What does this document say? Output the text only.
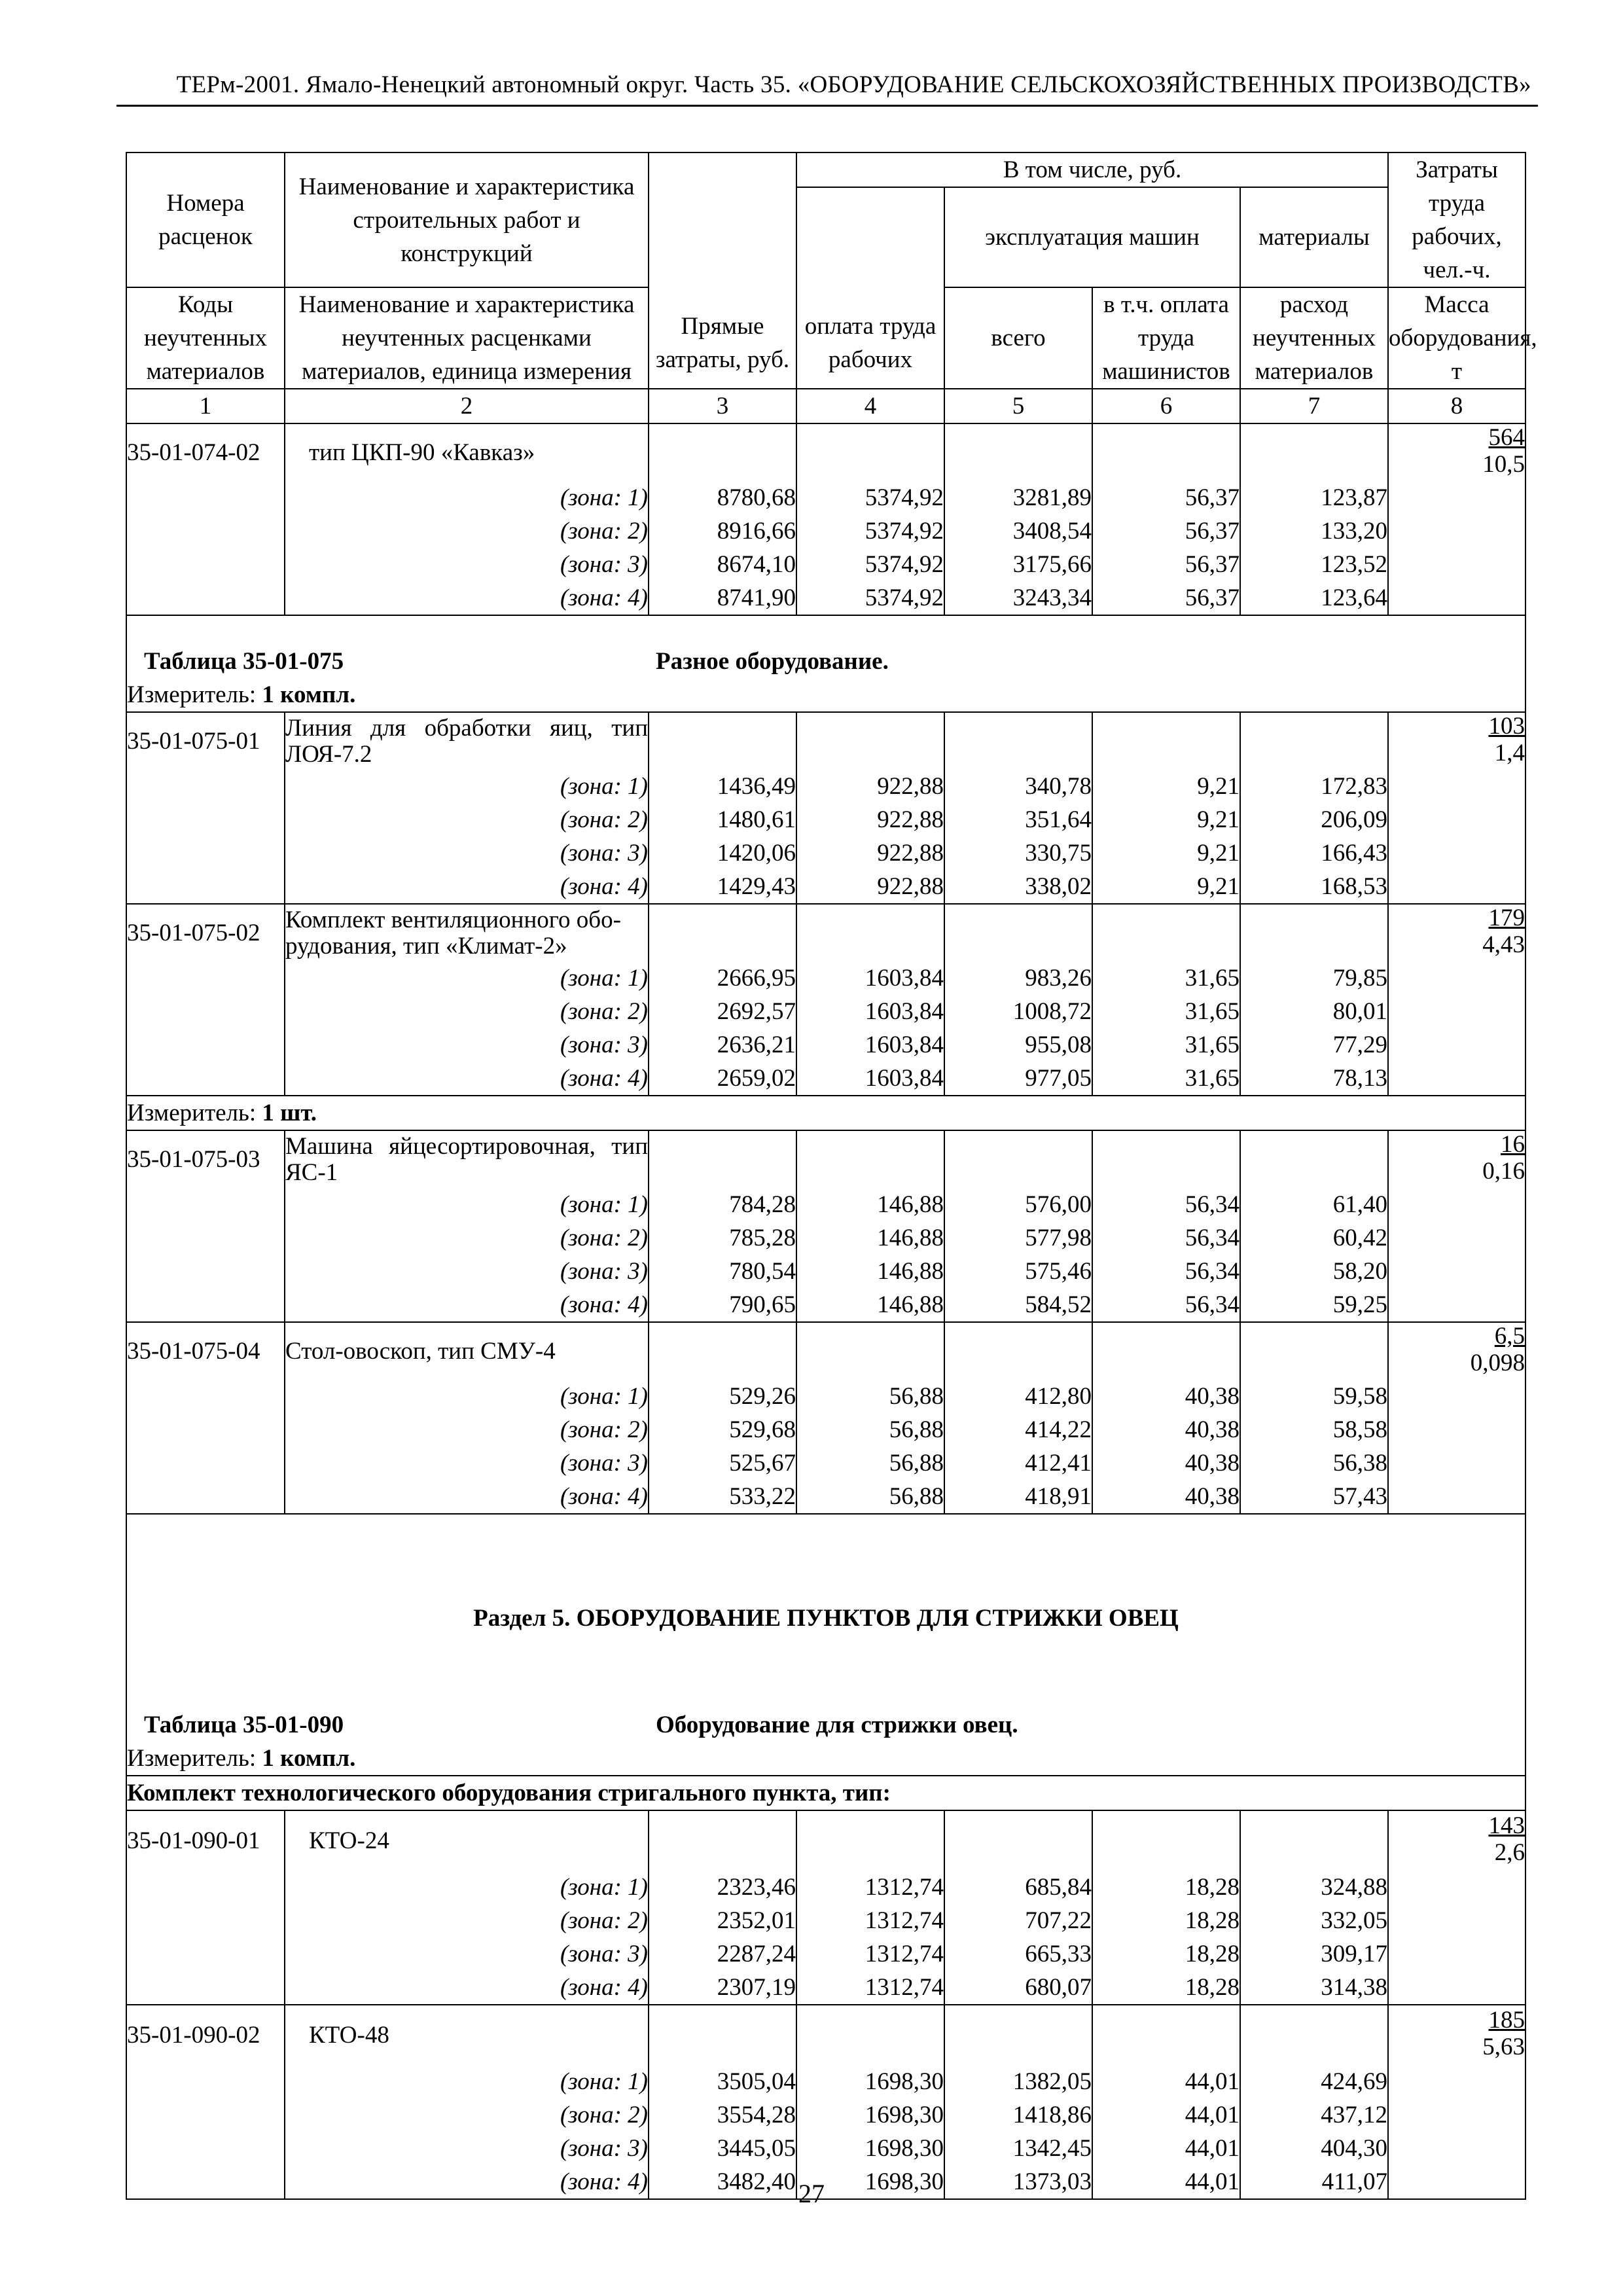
ТЕРм-2001. Ямало-Ненецкий автономный округ. Часть 35. «ОБОРУДОВАНИЕ СЕЛЬСКОХОЗЯЙСТВЕННЫХ ПРОИЗВОДСТВ»
Номера расценок	Наименование и характеристика строительных работ и конструкций	Прямые затраты, руб.	В том числе, руб.				Затраты труда рабочих, чел.-ч.
			оплата труда рабочих	эксплуатация машин		материалы	
Коды неучтенных материалов	Наименование и характеристика неучтенных расценками материалов, единица измерения			всего	в т.ч. оплата труда машинистов	расход неучтенных материалов	Масса оборудования, т
1	2	3	4	5	6	7	8
35-01-074-02	тип ЦКП-90 «Кавказ»						$\frac{564}{10,5}$

	(зона: 1)	8780,68	5374,92	3281,89	56,37	123,87	

	(зона: 2)	8916,66	5374,92	3408,54	56,37	133,20	

	(зона: 3)	8674,10	5374,92	3175,66	56,37	123,52	

	(зона: 4)	8741,90	5374,92	3243,34	56,37	123,64	
Таблица 35-01-075 Разное оборудование.							
Измеритель: 1 компл.							
35-01-075-01	Линия для обработки яиц, тип ЛОЯ-7.2						$\frac{103}{1,4}$

	(зона: 1)	1436,49	922,88	340,78	9,21	172,83	

	(зона: 2)	1480,61	922,88	351,64	9,21	206,09	

	(зона: 3)	1420,06	922,88	330,75	9,21	166,43	

	(зона: 4)	1429,43	922,88	338,02	9,21	168,53	
35-01-075-02	Комплект вентиляционного обо-
рудования, тип «Климат-2»						$\frac{179}{4,43}$

	(зона: 1)	2666,95	1603,84	983,26	31,65	79,85	

	(зона: 2)	2692,57	1603,84	1008,72	31,65	80,01	

	(зона: 3)	2636,21	1603,84	955,08	31,65	77,29	

	(зона: 4)	2659,02	1603,84	977,05	31,65	78,13	
Измеритель: 1 шт.							
35-01-075-03	Машина яйцесортировочная, тип ЯС-1						$\frac{16}{0,16}$

	(зона: 1)	784,28	146,88	576,00	56,34	61,40	

	(зона: 2)	785,28	146,88	577,98	56,34	60,42	

	(зона: 3)	780,54	146,88	575,46	56,34	58,20	

	(зона: 4)	790,65	146,88	584,52	56,34	59,25	
35-01-075-04	Стол-овоскоп, тип СМУ-4						$\frac{6,5}{0,098}$

	(зона: 1)	529,26	56,88	412,80	40,38	59,58	

	(зона: 2)	529,68	56,88	414,22	40,38	58,58	

	(зона: 3)	525,67	56,88	412,41	40,38	56,38	

	(зона: 4)	533,22	56,88	418,91	40,38	57,43	
Раздел 5. ОБОРУДОВАНИЕ ПУНКТОВ ДЛЯ СТРИЖКИ ОВЕЦ							
Таблица 35-01-090 Оборудование для стрижки овец.							
Измеритель: 1 компл.							
Комплект технологического оборудования стригального пункта, тип:							
35-01-090-01	КТО-24						$\frac{143}{2,6}$

	(зона: 1)	2323,46	1312,74	685,84	18,28	324,88	

	(зона: 2)	2352,01	1312,74	707,22	18,28	332,05	

	(зона: 3)	2287,24	1312,74	665,33	18,28	309,17	

	(зона: 4)	2307,19	1312,74	680,07	18,28	314,38	
35-01-090-02	КТО-48						$\frac{185}{5,63}$

	(зона: 1)	3505,04	1698,30	1382,05	44,01	424,69	

	(зона: 2)	3554,28	1698,30	1418,86	44,01	437,12	

	(зона: 3)	3445,05	1698,30	1342,45	44,01	404,30	

	(зона: 4)	3482,40	1698,30	1373,03	44,01	411,07	
27
